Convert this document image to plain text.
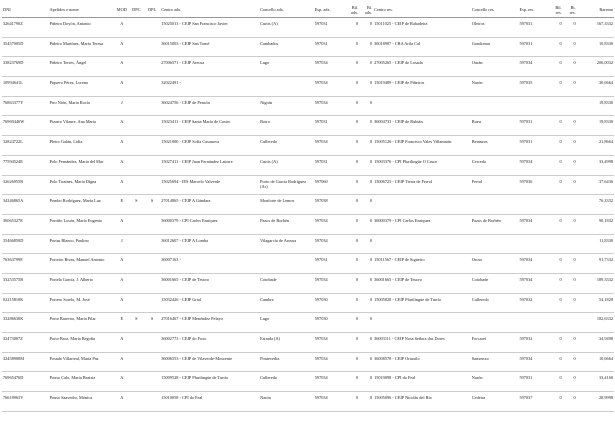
DNI	Apelidos e nome	MOD	DPC	DPL	Centro adx.	Concello adx.	Esp. adx.	Bil. adx.	Bi. adx.	Centro res.	Concello res.	Esp. res.	Bil. res.	Bi. res.	Baremo
32641790Z	Piñeiro Doyón, Antonio	A			15025013 - CEIP San Francisco Javier	Curtis (A)	597031	0	0	15011025 - CEIP de Rabadeira	Oleiros	597031	0	0	167,3332
35457005D	Piñeiro Martínez, María Teresa	A			36015003 - CEIP San Tomé	Cambados	597031	0	0	36018987 - CRA Arila Cal	Gondomar	597031	0	0	10,8330
33823769D	Piñeiro Torres, Ángel	A			27006571 - CEIP Areosa	Lugo	597034	0	0	27005265 - CEIP de Losada	Ourán	597034	0	0	206,0032
10994641L	Piquero Pérez, Lorena	A			32022491 -		597034	0	0	15019489 - CEIP de Piñeiros	Narón	597035	0	0	30,6664
76863377Y	Piro Nión, María Rocío	J			36024756 - CEIP de Pensón	Nigrán	597034	0	0						19,8330
76969446W	Pizarro Vilaure, Ana María	A			15023411 - CEIP Santa María de Castro	Boiro	597031	0	0	36004733 - CEIP de Rubián	Bueu	597031	0	0	19,8330
32824722L	Pleiro Galán, Lidia	A			15021000 - CEIP Sofía Casanova	Culleredo	597034	0	0	15005126 - CEIP Francisco Vales Villamarín	Betanzos	597031	0	0	21,8664
77594524E	Polo Fernández, María del Mar	A			15027411 - CEIP Juan Fernández Latorre	Curtis (A)	597031	0	0	15003376 - CPI Plurilingüe O Cruce	Cerceda	597034	0	0	33,4998
32626955R	Polo Tiraínes, María Digna	A			15025694 - IES Marcelo Valverde	Porto de García Rodríguez (As)	597060	0	0	15006725 - CEIP Tierra de Ferrol	Ferrol	597036	0	0	37,6436
34246865A	Pombo Rodríguez, María Luz	E	S	S	27014865 - CEIP A Gándara	Monforte de Lemos	597038	0	0						76,3332
36065327E	Porriño Losón, María Eugenia	A			36000379 - CPI Carlos Enríquez	Pazos de Borbén	597034	0	0	36000379 - CPI Carlos Enríquez	Pazos de Borbén	597034	0	0	90,1832
35466850D	Portas Blanco, Paulino	J			36012607 - CEIP A Lomba	Vilagarcía de Arousa	597034	0	0						11,8330
76363799E	Porteiro Rivas, Manuel Antonio	A			36007163 -		597031	0	0	15011567 - CEIP de Sigüeiro	Oroso	597034	0	0	91,7332
33253575R	Portela García, J. Alberto	A			36001665 - CEIP de Teucro	Cotobade	597034	0	0	36001665 - CEIP de Teucro	Cotobade	597034	0	0	189,3332
02215818K	Portero Sotelo, M. José	A			15032426 - CEIP Grial	Cambre	597030	0	0	15005828 - CEIP Plurilingüe de Turrío	Culleredo	597032	0	0	54,1828
33286630K	Porto Barreiro, María Pilar	E	S	S	27016467 - CEIP Menéndez Pelayo	Lugo	597030	0	0						182,6332
32473007Z	Porto Broz, María Begoña	A			36002773 - CEIP do Foxo	Estrada (A)	597034	0	0	36003111 - CEIP Nosa Señora das Dores	Forcarei	597032	0	0	34,9498
32458908M	Posada Villarreal, María Paz	A			36006553 - CEIP de Vilaverde-Mourente	Pontevedra	597034	0	0	36008578 - CEIP Ortuxilo	Sanxenxo	597034	0	0	10,6664
76965476D	Pouso Calo, María Beatriz	A			15009528 - CEIP Plurilingüe de Turrío	Culleredo	597034	0	0	15019098 - CPI do Feal	Narón	597031	0	0	33,4160
76618963V	Pouso Saavedra, Mónica	A			15010058 - CPI do Feal	Narón	597034	0	0	15005096 - CEIP Nicolás del Río	Cedeira	597037	0	0	28,9998
